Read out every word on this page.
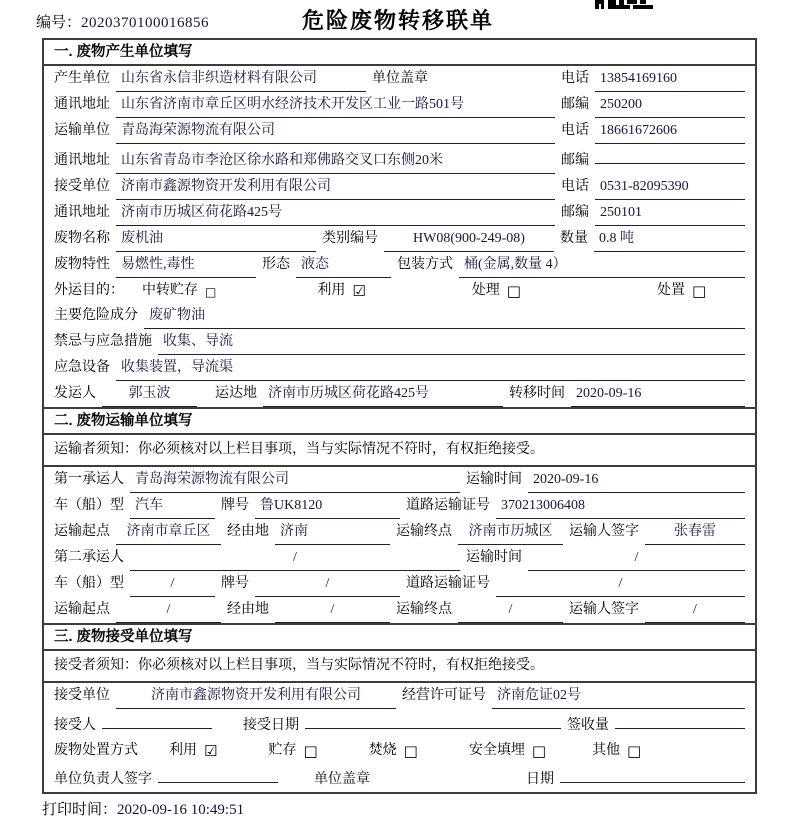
编号：2020370100016856	危险废物转移联单
一. 废物产生单位填写
产生单位 山东省永信非织造材料有限公司	单位盖章	电话 13854169160
通讯地址 山东省济南市章丘区明水经济技术开发区工业一路501号	邮编 250200
运输单位 青岛海荣源物流有限公司	电话 18661672606
通讯地址 山东省青岛市李沧区徐水路和郑佛路交叉口东侧20米	邮编
接受单位 济南市鑫源物资开发利用有限公司	电话 0531-82095390
通讯地址 济南市历城区荷花路425号	邮编 250101
废物名称 废机油	类别编号	HW08(900-249-08)	数量 0.8 吨
废物特性 易燃性,毒性	形态 液态	包装方式 桶(金属,数量 4）
外运目的： 中转贮存 □	利用 ☑	处理 □	处置 □
主要危险成分 废矿物油
禁忌与应急措施 收集、导流
应急设备 收集装置，导流渠
发运人	郭玉波	运达地 济南市历城区荷花路425号	转移时间 2020-09-16
二. 废物运输单位填写
运输者须知：你必须核对以上栏目事项，当与实际情况不符时，有权拒绝接受。
第一承运人 青岛海荣源物流有限公司	运输时间 2020-09-16
车（船）型 汽车	牌号 鲁UK8120	道路运输证号 370213006408
运输起点	济南市章丘区	经由地 济南	运输终点	济南市历城区	运输人签字	张春雷
第二承运人	/	运输时间	/
车（船）型	/	牌号	/	道路运输证号	/
运输起点	/	经由地	/	运输终点	/	运输人签字	/
三. 废物接受单位填写
接受者须知：你必须核对以上栏目事项，当与实际情况不符时，有权拒绝接受。
接受单位	济南市鑫源物资开发利用有限公司	经营许可证号 济南危证02号
接受人	接受日期	签收量
废物处置方式 利用 ☑	贮存 □	焚烧 □	安全填埋 □	其他 □
单位负责人签字	单位盖章	日期
打印时间：2020-09-16 10:49:51
